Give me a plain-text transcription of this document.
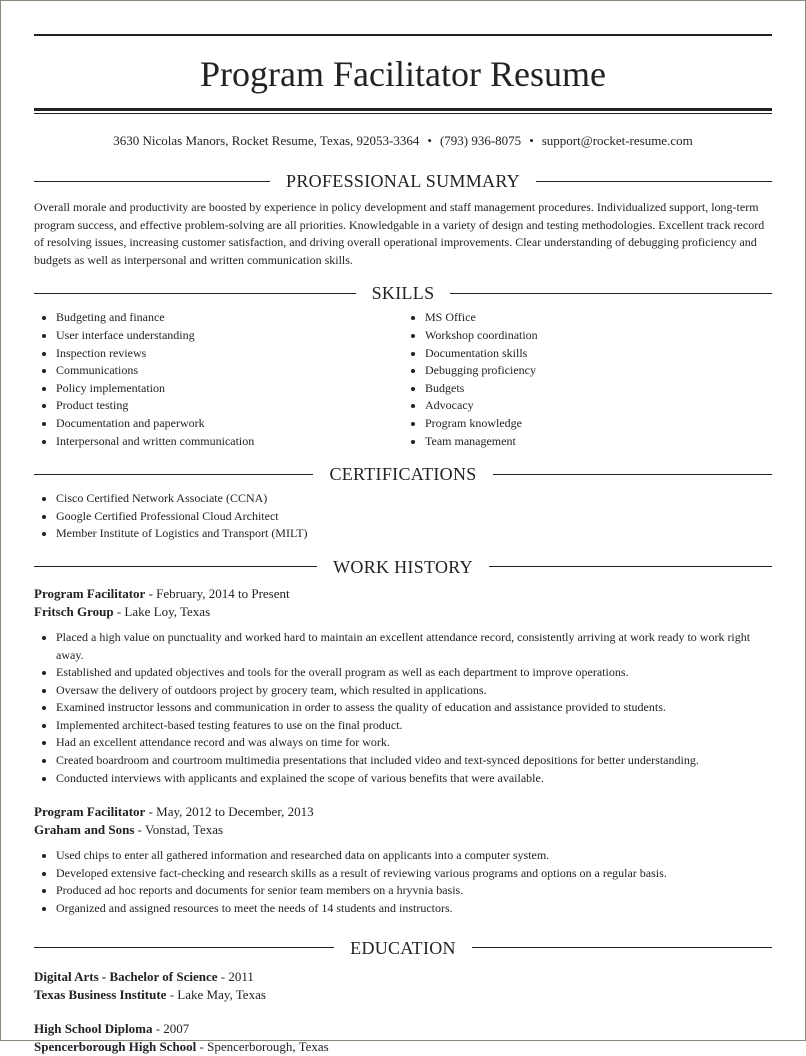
Program Facilitator Resume
3630 Nicolas Manors, Rocket Resume, Texas, 92053-3364 • (793) 936-8075 • support@rocket-resume.com
PROFESSIONAL SUMMARY

Overall morale and productivity are boosted by experience in policy development and staff management procedures. Individualized support, long-term program success, and effective problem-solving are all priorities. Knowledgable in a variety of design and testing methodologies. Excellent track record of resolving issues, increasing customer satisfaction, and driving overall operational improvements. Clear understanding of debugging proficiency and budgets as well as interpersonal and written communication skills.

SKILLS
Budgeting and finance
User interface understanding
Inspection reviews
Communications
Policy implementation
Product testing
Documentation and paperwork
Interpersonal and written communication
MS Office
Workshop coordination
Documentation skills
Debugging proficiency
Budgets
Advocacy
Program knowledge
Team management
CERTIFICATIONS
Cisco Certified Network Associate (CCNA)
Google Certified Professional Cloud Architect
Member Institute of Logistics and Transport (MILT)
WORK HISTORY
Program Facilitator - February, 2014 to Present
Fritsch Group - Lake Loy, Texas
Placed a high value on punctuality and worked hard to maintain an excellent attendance record, consistently arriving at work ready to work right away.
Established and updated objectives and tools for the overall program as well as each department to improve operations.
Oversaw the delivery of outdoors project by grocery team, which resulted in applications.
Examined instructor lessons and communication in order to assess the quality of education and assistance provided to students.
Implemented architect-based testing features to use on the final product.
Had an excellent attendance record and was always on time for work.
Created boardroom and courtroom multimedia presentations that included video and text-synced depositions for better understanding.
Conducted interviews with applicants and explained the scope of various benefits that were available.
Program Facilitator - May, 2012 to December, 2013
Graham and Sons - Vonstad, Texas
Used chips to enter all gathered information and researched data on applicants into a computer system.
Developed extensive fact-checking and research skills as a result of reviewing various programs and options on a regular basis.
Produced ad hoc reports and documents for senior team members on a hryvnia basis.
Organized and assigned resources to meet the needs of 14 students and instructors.
EDUCATION
Digital Arts - Bachelor of Science - 2011
Texas Business Institute - Lake May, Texas
High School Diploma - 2007
Spencerborough High School - Spencerborough, Texas
